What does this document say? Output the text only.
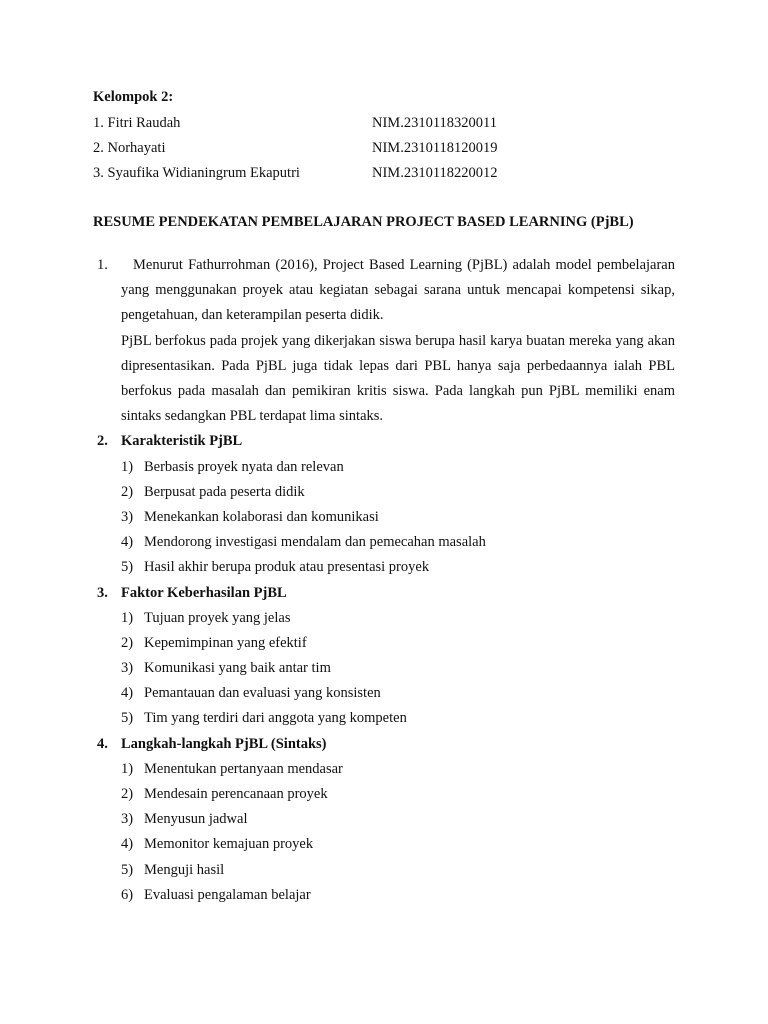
Kelompok 2:
1. Fitri Raudah	NIM.2310118320011
2. Norhayati	NIM.2310118120019
3. Syaufika Widianingrum Ekaputri	NIM.2310118220012
RESUME PENDEKATAN PEMBELAJARAN PROJECT BASED LEARNING (PjBL)
1.	Menurut Fathurrohman (2016), Project Based Learning (PjBL) adalah model pembelajaran yang menggunakan proyek atau kegiatan sebagai sarana untuk mencapai kompetensi sikap, pengetahuan, dan keterampilan peserta didik.

PjBL berfokus pada projek yang dikerjakan siswa berupa hasil karya buatan mereka yang akan dipresentasikan. Pada PjBL juga tidak lepas dari PBL hanya saja perbedaannya ialah PBL berfokus pada masalah dan pemikiran kritis siswa. Pada langkah pun PjBL memiliki enam sintaks sedangkan PBL terdapat lima sintaks.

2. Karakteristik PjBL
1) Berbasis proyek nyata dan relevan
2) Berpusat pada peserta didik
3) Menekankan kolaborasi dan komunikasi
4) Mendorong investigasi mendalam dan pemecahan masalah
5) Hasil akhir berupa produk atau presentasi proyek
3. Faktor Keberhasilan PjBL
1) Tujuan proyek yang jelas
2) Kepemimpinan yang efektif
3) Komunikasi yang baik antar tim
4) Pemantauan dan evaluasi yang konsisten
5) Tim yang terdiri dari anggota yang kompeten
4. Langkah-langkah PjBL (Sintaks)
1) Menentukan pertanyaan mendasar
2) Mendesain perencanaan proyek
3) Menyusun jadwal
4) Memonitor kemajuan proyek
5) Menguji hasil
6) Evaluasi pengalaman belajar
